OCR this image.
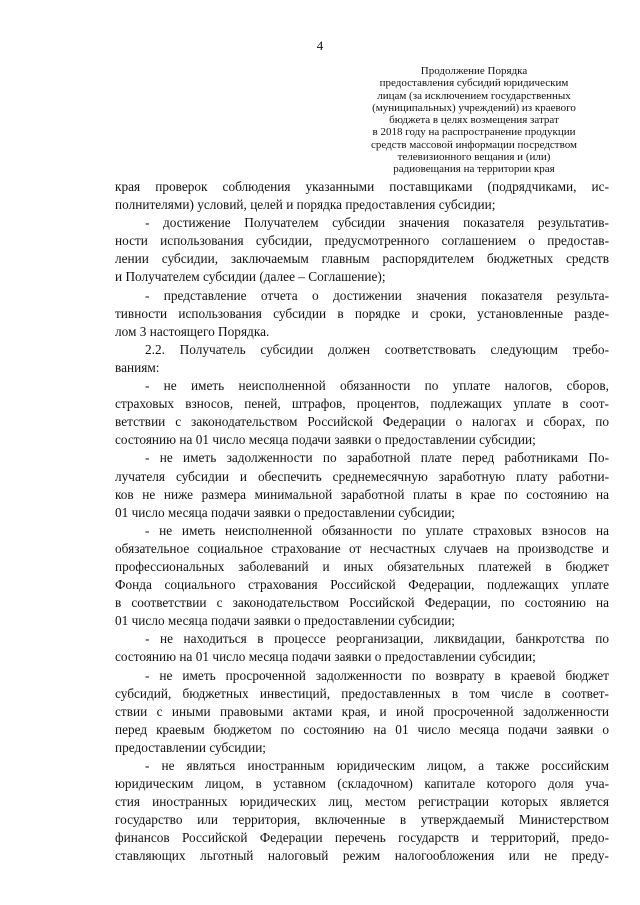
4
Продолжение Порядка
предоставления субсидий юридическим
лицам (за исключением государственных
(муниципальных) учреждений) из краевого
бюджета в целях возмещения затрат
в 2018 году на распространение продукции
средств массовой информации посредством
телевизионного вещания и (или)
радиовещания на территории края
края проверок соблюдения указанными поставщиками (подрядчиками, ис-
полнителями) условий, целей и порядка предоставления субсидии;
- достижение Получателем субсидии значения показателя результатив-
ности использования субсидии, предусмотренного соглашением о предостав-
лении субсидии, заключаемым главным распорядителем бюджетных средств
и Получателем субсидии (далее – Соглашение);
- представление отчета о достижении значения показателя результа-
тивности использования субсидии в порядке и сроки, установленные разде-
лом 3 настоящего Порядка.
2.2. Получатель субсидии должен соответствовать следующим требо-
ваниям:
- не иметь неисполненной обязанности по уплате налогов, сборов,
страховых взносов, пеней, штрафов, процентов, подлежащих уплате в соот-
ветствии с законодательством Российской Федерации о налогах и сборах, по
состоянию на 01 число месяца подачи заявки о предоставлении субсидии;
- не иметь задолженности по заработной плате перед работниками По-
лучателя субсидии и обеспечить среднемесячную заработную плату работни-
ков не ниже размера минимальной заработной платы в крае по состоянию на
01 число месяца подачи заявки о предоставлении субсидии;
- не иметь неисполненной обязанности по уплате страховых взносов на
обязательное социальное страхование от несчастных случаев на производстве и
профессиональных заболеваний и иных обязательных платежей в бюджет
Фонда социального страхования Российской Федерации, подлежащих уплате
в соответствии с законодательством Российской Федерации, по состоянию на
01 число месяца подачи заявки о предоставлении субсидии;
- не находиться в процессе реорганизации, ликвидации, банкротства по
состоянию на 01 число месяца подачи заявки о предоставлении субсидии;
- не иметь просроченной задолженности по возврату в краевой бюджет
субсидий, бюджетных инвестиций, предоставленных в том числе в соответ-
ствии с иными правовыми актами края, и иной просроченной задолженности
перед краевым бюджетом по состоянию на 01 число месяца подачи заявки о
предоставлении субсидии;
- не являться иностранным юридическим лицом, а также российским
юридическим лицом, в уставном (складочном) капитале которого доля уча-
стия иностранных юридических лиц, местом регистрации которых является
государство или территория, включенные в утверждаемый Министерством
финансов Российской Федерации перечень государств и территорий, предо-
ставляющих льготный налоговый режим налогообложения или не преду-
